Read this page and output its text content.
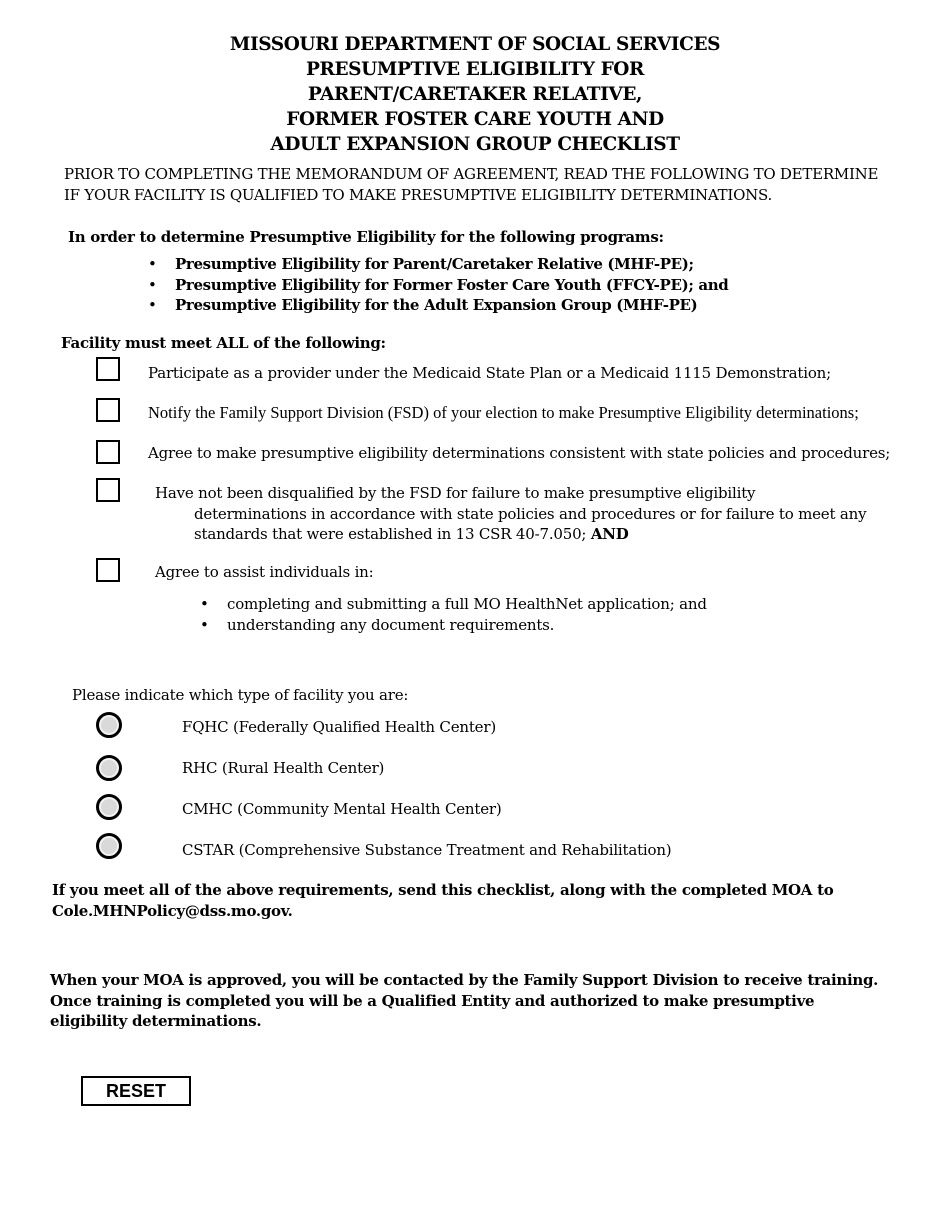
MISSOURI DEPARTMENT OF SOCIAL SERVICES
PRESUMPTIVE ELIGIBILITY FOR
PARENT/CARETAKER RELATIVE,
FORMER FOSTER CARE YOUTH AND
ADULT EXPANSION GROUP CHECKLIST
PRIOR TO COMPLETING THE MEMORANDUM OF AGREEMENT, READ THE FOLLOWING TO DETERMINE
IF YOUR FACILITY IS QUALIFIED TO MAKE PRESUMPTIVE ELIGIBILITY DETERMINATIONS.
In order to determine Presumptive Eligibility for the following programs:
•	Presumptive Eligibility for Parent/Caretaker Relative (MHF-PE);
•	Presumptive Eligibility for Former Foster Care Youth (FFCY-PE); and
•	Presumptive Eligibility for the Adult Expansion Group (MHF-PE)
Facility must meet ALL of the following:
Participate as a provider under the Medicaid State Plan or a Medicaid 1115 Demonstration;
Notify the Family Support Division (FSD) of your election to make Presumptive Eligibility determinations;
Agree to make presumptive eligibility determinations consistent with state policies and procedures;
Have not been disqualified by the FSD for failure to make presumptive eligibility
determinations in accordance with state policies and procedures or for failure to meet any
standards that were established in 13 CSR 40-7.050; AND
Agree to assist individuals in:
•	completing and submitting a full MO HealthNet application; and
•	understanding any document requirements.
Please indicate which type of facility you are:
FQHC (Federally Qualified Health Center)
RHC (Rural Health Center)
CMHC (Community Mental Health Center)
CSTAR (Comprehensive Substance Treatment and Rehabilitation)
If you meet all of the above requirements, send this checklist, along with the completed MOA to
Cole.MHNPolicy@dss.mo.gov.
When your MOA is approved, you will be contacted by the Family Support Division to receive training.
Once training is completed you will be a Qualified Entity and authorized to make presumptive
eligibility determinations.
RESET
